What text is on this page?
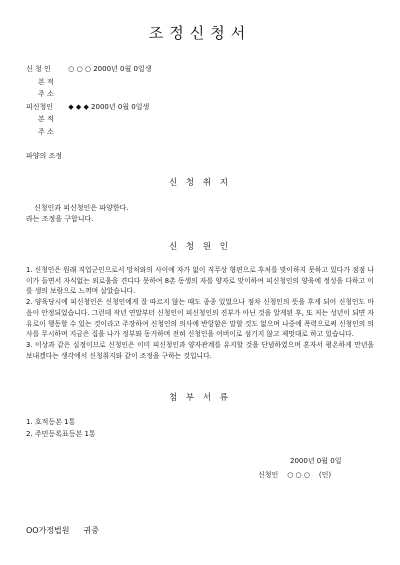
조정신청서
신 청 인 ○ ○ ○ 2000년 0월 0일생
본 적
주 소
피신청인 ◆ ◆ ◆ 2000년 0월 0일생
본 적
주 소
파양의 조정
신 청 취 지
신청인과 피신청인은 파양한다.
라는 조정을 구합니다.
신 청 원 인

1. 신청인은 원래 직업군인으로서 망처와의 사이에 자가 없이 직무상 형편으로 후처를 맞이하지 못하고 있다가 점점 나이가 들면서 자식없는 외로움을 견디다 못하여 8촌 동생의 자를 양자로 맞이하여 피신청인의 양육에 정성을 다하고 이를 생의 보람으로 느껴며 살았습니다.

2. 양육당시에 피신청인은 신청인에게 잘 따르지 않는 때도 종종 있었으나 점차 신청인의 뜻을 후게 되어 신청인도 마음이 안정되었습니다. 그런데 작년 연말부터 신청인이 피신청인의 진부가 아닌 것을 알게된 후, 또 저는 성년이 되면 자유로이 행동할 수 있는 것이라고 주장하여 신청인의 의사에 반항함은 말할 것도 없으며 나중에 폭력으로써 신청인의 의사를 무시하며 지금은 집을 나가 정부와 동거하며 전혀 신청인을 어버이로 섬기지 않고 제멋대로 하고 있습니다.

3. 이상과 같은 실정이므로 신청인은 이미 피신청인과 양자관계를 유지할 것을 단념하였으며 혼자서 평온하게 만년을 보내겠다는 생각에서 신청취지와 같이 조정을 구하는 것입니다.

첨 부 서 류
1. 호적등본 1통
2. 주민등록표등본 1통
2000년 0월 0일
신청인 ○ ○ ○ (인)
OO가정법원 귀중
